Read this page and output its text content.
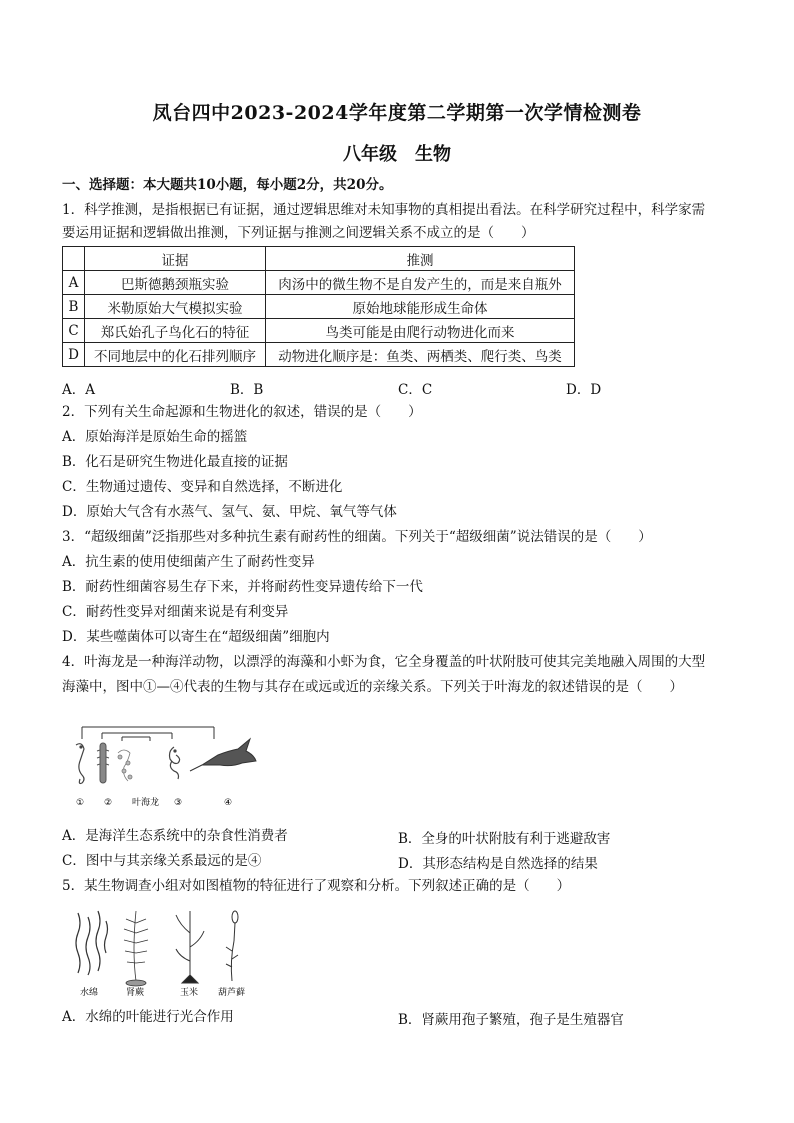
凤台四中2023-2024学年度第二学期第一次学情检测卷
八年级　生物
一、选择题：本大题共10小题，每小题2分，共20分。
1．科学推测，是指根据已有证据，通过逻辑思维对未知事物的真相提出看法。在科学研究过程中，科学家需
要运用证据和逻辑做出推测，下列证据与推测之间逻辑关系不成立的是（　　）
	证据	推测
A	巴斯德鹅颈瓶实验	肉汤中的微生物不是自发产生的，而是来自瓶外
B	米勒原始大气模拟实验	原始地球能形成生命体
C	郑氏始孔子鸟化石的特征	鸟类可能是由爬行动物进化而来
D	不同地层中的化石排列顺序	动物进化顺序是：鱼类、两栖类、爬行类、鸟类
A．A	B．B	C．C	D．D
2．下列有关生命起源和生物进化的叙述，错误的是（　　）
A．原始海洋是原始生命的摇篮
B．化石是研究生物进化最直接的证据
C．生物通过遗传、变异和自然选择，不断进化
D．原始大气含有水蒸气、氢气、氨、甲烷、氧气等气体
3．“超级细菌”泛指那些对多种抗生素有耐药性的细菌。下列关于“超级细菌”说法错误的是（　　）
A．抗生素的使用使细菌产生了耐药性变异
B．耐药性细菌容易生存下来，并将耐药性变异遗传给下一代
C．耐药性变异对细菌来说是有利变异
D．某些噬菌体可以寄生在“超级细菌”细胞内
4．叶海龙是一种海洋动物，以漂浮的海藻和小虾为食，它全身覆盖的叶状附肢可使其完美地融入周围的大型
海藻中，图中①—④代表的生物与其存在或远或近的亲缘关系。下列关于叶海龙的叙述错误的是（　　）
① ② 叶海龙 ③	④
A．是海洋生态系统中的杂食性消费者	B．全身的叶状附肢有利于逃避敌害
C．图中与其亲缘关系最远的是④	D．其形态结构是自然选择的结果
5．某生物调查小组对如图植物的特征进行了观察和分析。下列叙述正确的是（　　）
水绵	肾蕨	玉米 葫芦藓
A．水绵的叶能进行光合作用	B．肾蕨用孢子繁殖，孢子是生殖器官
